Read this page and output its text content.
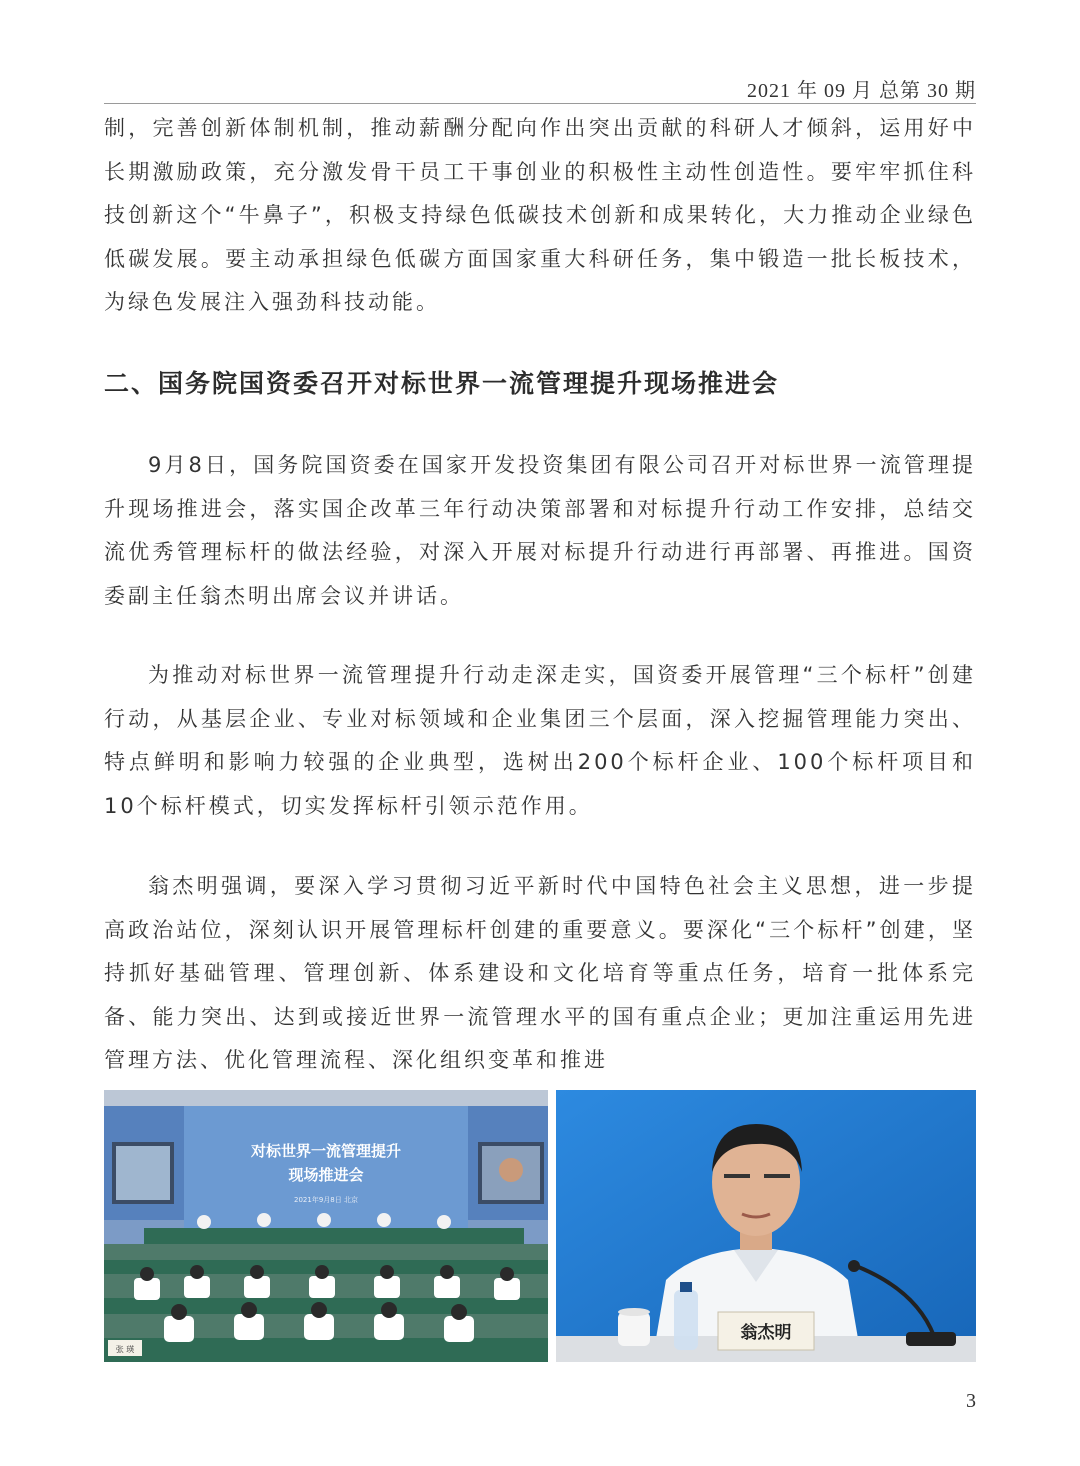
2021 年 09 月 总第 30 期

制，完善创新体制机制，推动薪酬分配向作出突出贡献的科研人才倾斜，运用好中长期激励政策，充分激发骨干员工干事创业的积极性主动性创造性。要牢牢抓住科技创新这个“牛鼻子”，积极支持绿色低碳技术创新和成果转化，大力推动企业绿色低碳发展。要主动承担绿色低碳方面国家重大科研任务，集中锻造一批长板技术，为绿色发展注入强劲科技动能。

二、国务院国资委召开对标世界一流管理提升现场推进会

9月8日，国务院国资委在国家开发投资集团有限公司召开对标世界一流管理提升现场推进会，落实国企改革三年行动决策部署和对标提升行动工作安排，总结交流优秀管理标杆的做法经验，对深入开展对标提升行动进行再部署、再推进。国资委副主任翁杰明出席会议并讲话。

为推动对标世界一流管理提升行动走深走实，国资委开展管理“三个标杆”创建行动，从基层企业、专业对标领域和企业集团三个层面，深入挖掘管理能力突出、特点鲜明和影响力较强的企业典型，选树出200个标杆企业、100个标杆项目和10个标杆模式，切实发挥标杆引领示范作用。

翁杰明强调，要深入学习贯彻习近平新时代中国特色社会主义思想，进一步提高政治站位，深刻认识开展管理标杆创建的重要意义。要深化“三个标杆”创建，坚持抓好基础管理、管理创新、体系建设和文化培育等重点任务，培育一批体系完备、能力突出、达到或接近世界一流管理水平的国有重点企业；更加注重运用先进管理方法、优化管理流程、深化组织变革和推进

对标世界一流管理提升
现场推进会
2021年9月8日 北京
张 瑛
翁杰明
3
